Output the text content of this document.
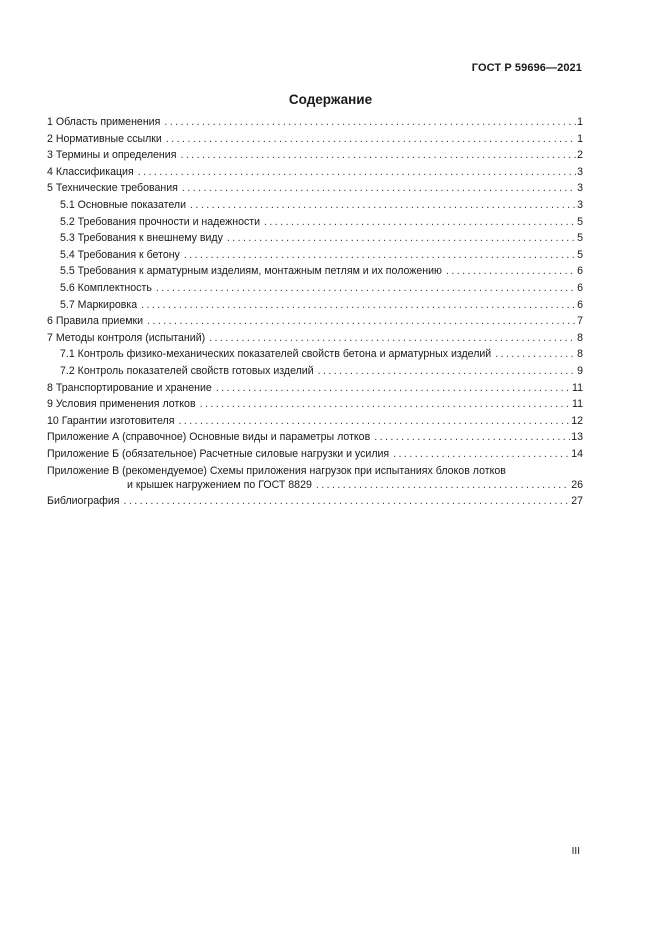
ГОСТ Р 59696—2021
Содержание
1 Область применения . . .	1
2 Нормативные ссылки . . .	1
3 Термины и определения . . .	2
4 Классификация . . .	3
5 Технические требования . . .	3
5.1 Основные показатели . . .	3
5.2 Требования прочности и надежности . . .	5
5.3 Требования к внешнему виду . . .	5
5.4 Требования к бетону . . .	5
5.5 Требования к арматурным изделиям, монтажным петлям и их положению . . .	6
5.6 Комплектность . . .	6
5.7 Маркировка . . .	6
6 Правила приемки . . .	7
7 Методы контроля (испытаний) . . .	8
7.1 Контроль физико-механических показателей свойств бетона и арматурных изделий . . .	8
7.2 Контроль показателей свойств готовых изделий . . .	9
8 Транспортирование и хранение . . .	11
9 Условия применения лотков . . .	11
10 Гарантии изготовителя . . .	12
Приложение А (справочное) Основные виды и параметры лотков . . .	13
Приложение Б (обязательное) Расчетные силовые нагрузки и усилия . . .	14
Приложение В (рекомендуемое) Схемы приложения нагрузок при испытаниях блоков лотков
и крышек нагружением по ГОСТ 8829 . . .	26
Библиография . . .	27
III
